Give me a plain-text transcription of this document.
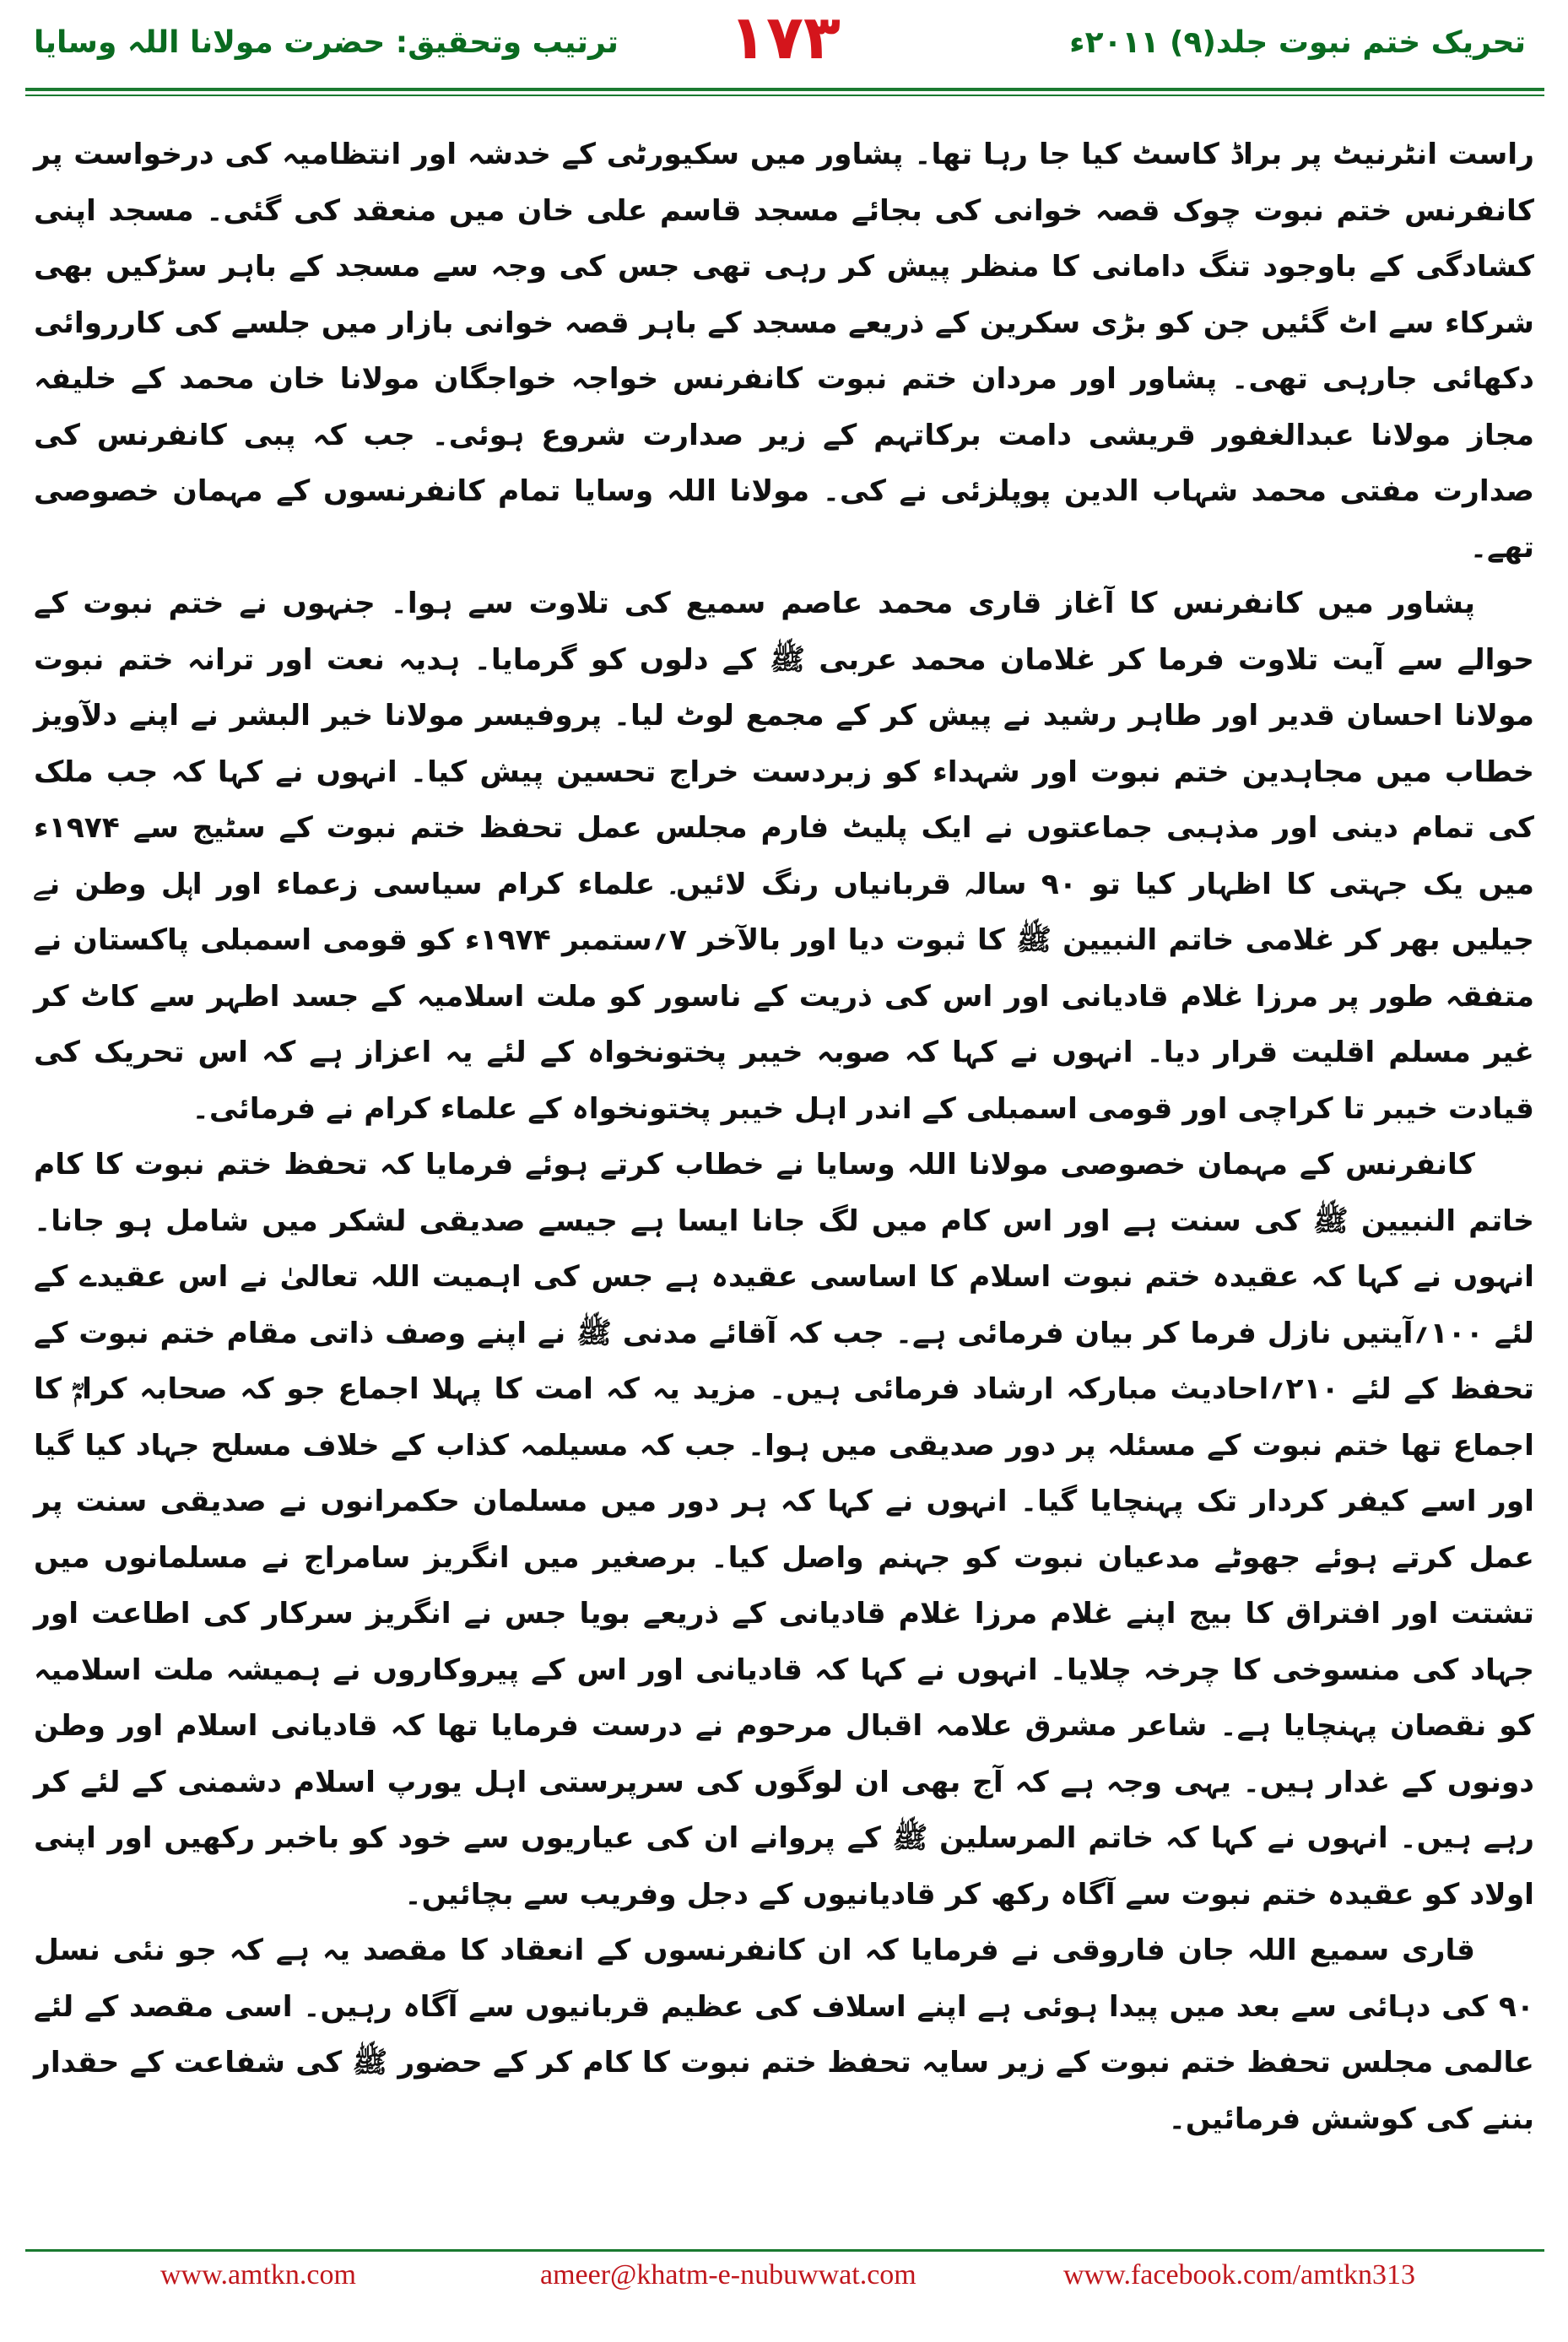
تحریک ختم نبوت جلد(۹) ۲۰۱۱ء
۱۷۳
ترتیب وتحقیق: حضرت مولانا اللہ وسایا

راست انٹرنیٹ پر براڈ کاسٹ کیا جا رہا تھا۔ پشاور میں سکیورٹی کے خدشہ اور انتظامیہ کی درخواست پر کانفرنس ختم نبوت چوک قصہ خوانی کی بجائے مسجد قاسم علی خان میں منعقد کی گئی۔ مسجد اپنی کشادگی کے باوجود تنگ دامانی کا منظر پیش کر رہی تھی جس کی وجہ سے مسجد کے باہر سڑکیں بھی شرکاء سے اٹ گئیں جن کو بڑی سکرین کے ذریعے مسجد کے باہر قصہ خوانی بازار میں جلسے کی کارروائی دکھائی جارہی تھی۔ پشاور اور مردان ختم نبوت کانفرنس خواجہ خواجگان مولانا خان محمد کے خلیفہ مجاز مولانا عبدالغفور قریشی دامت برکاتہم کے زیر صدارت شروع ہوئی۔ جب کہ پبی کانفرنس کی صدارت مفتی محمد شہاب الدین پوپلزئی نے کی۔ مولانا اللہ وسایا تمام کانفرنسوں کے مہمان خصوصی تھے۔

پشاور میں کانفرنس کا آغاز قاری محمد عاصم سمیع کی تلاوت سے ہوا۔ جنہوں نے ختم نبوت کے حوالے سے آیت تلاوت فرما کر غلامان محمد عربی ﷺ کے دلوں کو گرمایا۔ ہدیہ نعت اور ترانہ ختم نبوت مولانا احسان قدیر اور طاہر رشید نے پیش کر کے مجمع لوٹ لیا۔ پروفیسر مولانا خیر البشر نے اپنے دلآویز خطاب میں مجاہدین ختم نبوت اور شہداء کو زبردست خراج تحسین پیش کیا۔ انہوں نے کہا کہ جب ملک کی تمام دینی اور مذہبی جماعتوں نے ایک پلیٹ فارم مجلس عمل تحفظ ختم نبوت کے سٹیج سے ۱۹۷۴ء میں یک جہتی کا اظہار کیا تو ۹۰ سالہ قربانیاں رنگ لائیں۔ علماء کرام سیاسی زعماء اور اہل وطن نے جیلیں بھر کر غلامی خاتم النبیین ﷺ کا ثبوت دیا اور بالآخر ۷؍ستمبر ۱۹۷۴ء کو قومی اسمبلی پاکستان نے متفقہ طور پر مرزا غلام قادیانی اور اس کی ذریت کے ناسور کو ملت اسلامیہ کے جسد اطہر سے کاٹ کر غیر مسلم اقلیت قرار دیا۔ انہوں نے کہا کہ صوبہ خیبر پختونخواہ کے لئے یہ اعزاز ہے کہ اس تحریک کی قیادت خیبر تا کراچی اور قومی اسمبلی کے اندر اہل خیبر پختونخواہ کے علماء کرام نے فرمائی۔

کانفرنس کے مہمان خصوصی مولانا اللہ وسایا نے خطاب کرتے ہوئے فرمایا کہ تحفظ ختم نبوت کا کام خاتم النبیین ﷺ کی سنت ہے اور اس کام میں لگ جانا ایسا ہے جیسے صدیقی لشکر میں شامل ہو جانا۔ انہوں نے کہا کہ عقیدہ ختم نبوت اسلام کا اساسی عقیدہ ہے جس کی اہمیت اللہ تعالیٰ نے اس عقیدے کے لئے ۱۰۰؍آیتیں نازل فرما کر بیان فرمائی ہے۔ جب کہ آقائے مدنی ﷺ نے اپنے وصف ذاتی مقام ختم نبوت کے تحفظ کے لئے ۲۱۰؍احادیث مبارکہ ارشاد فرمائی ہیں۔ مزید یہ کہ امت کا پہلا اجماع جو کہ صحابہ کرامؓ کا اجماع تھا ختم نبوت کے مسئلہ پر دور صدیقی میں ہوا۔ جب کہ مسیلمہ کذاب کے خلاف مسلح جہاد کیا گیا اور اسے کیفر کردار تک پہنچایا گیا۔ انہوں نے کہا کہ ہر دور میں مسلمان حکمرانوں نے صدیقی سنت پر عمل کرتے ہوئے جھوٹے مدعیان نبوت کو جہنم واصل کیا۔ برصغیر میں انگریز سامراج نے مسلمانوں میں تشتت اور افتراق کا بیج اپنے غلام مرزا غلام قادیانی کے ذریعے بویا جس نے انگریز سرکار کی اطاعت اور جہاد کی منسوخی کا چرخہ چلایا۔ انہوں نے کہا کہ قادیانی اور اس کے پیروکاروں نے ہمیشہ ملت اسلامیہ کو نقصان پہنچایا ہے۔ شاعر مشرق علامہ اقبال مرحوم نے درست فرمایا تھا کہ قادیانی اسلام اور وطن دونوں کے غدار ہیں۔ یہی وجہ ہے کہ آج بھی ان لوگوں کی سرپرستی اہل یورپ اسلام دشمنی کے لئے کر رہے ہیں۔ انہوں نے کہا کہ خاتم المرسلین ﷺ کے پروانے ان کی عیاریوں سے خود کو باخبر رکھیں اور اپنی اولاد کو عقیدہ ختم نبوت سے آگاہ رکھ کر قادیانیوں کے دجل وفریب سے بچائیں۔

قاری سمیع اللہ جان فاروقی نے فرمایا کہ ان کانفرنسوں کے انعقاد کا مقصد یہ ہے کہ جو نئی نسل ۹۰ کی دہائی سے بعد میں پیدا ہوئی ہے اپنے اسلاف کی عظیم قربانیوں سے آگاہ رہیں۔ اسی مقصد کے لئے عالمی مجلس تحفظ ختم نبوت کے زیر سایہ تحفظ ختم نبوت کا کام کر کے حضور ﷺ کی شفاعت کے حقدار بننے کی کوشش فرمائیں۔

www.amtkn.com	ameer@khatm-e-nubuwwat.com	www.facebook.com/amtkn313
